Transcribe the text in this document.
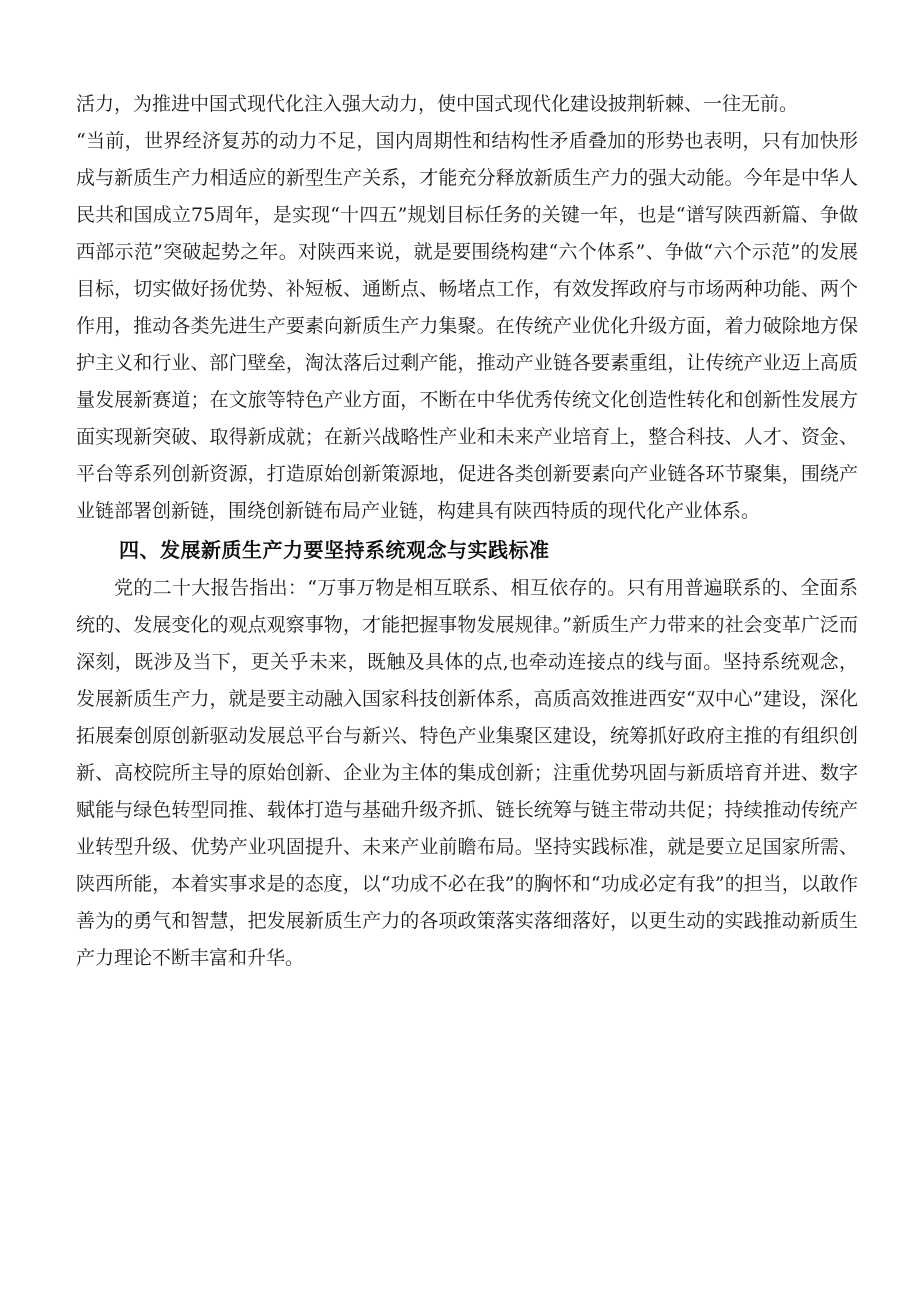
活力，为推进中国式现代化注入强大动力，使中国式现代化建设披荆斩棘、一往无前。

“当前，世界经济复苏的动力不足，国内周期性和结构性矛盾叠加的形势也表明，只有加快形成与新质生产力相适应的新型生产关系，才能充分释放新质生产力的强大动能。今年是中华人民共和国成立75周年，是实现“十四五”规划目标任务的关键一年，也是“谱写陕西新篇、争做西部示范”突破起势之年。对陕西来说，就是要围绕构建“六个体系”、争做“六个示范”的发展目标，切实做好扬优势、补短板、通断点、畅堵点工作，有效发挥政府与市场两种功能、两个作用，推动各类先进生产要素向新质生产力集聚。在传统产业优化升级方面，着力破除地方保护主义和行业、部门壁垒，淘汰落后过剩产能，推动产业链各要素重组，让传统产业迈上高质量发展新赛道；在文旅等特色产业方面，不断在中华优秀传统文化创造性转化和创新性发展方面实现新突破、取得新成就；在新兴战略性产业和未来产业培育上，整合科技、人才、资金、平台等系列创新资源，打造原始创新策源地，促进各类创新要素向产业链各环节聚集，围绕产业链部署创新链，围绕创新链布局产业链，构建具有陕西特质的现代化产业体系。

四、发展新质生产力要坚持系统观念与实践标准

党的二十大报告指出：“万事万物是相互联系、相互依存的。只有用普遍联系的、全面系统的、发展变化的观点观察事物，才能把握事物发展规律。”新质生产力带来的社会变革广泛而深刻，既涉及当下，更关乎未来，既触及具体的点,也牵动连接点的线与面。坚持系统观念，发展新质生产力，就是要主动融入国家科技创新体系，高质高效推进西安“双中心”建设，深化拓展秦创原创新驱动发展总平台与新兴、特色产业集聚区建设，统筹抓好政府主推的有组织创新、高校院所主导的原始创新、企业为主体的集成创新；注重优势巩固与新质培育并进、数字赋能与绿色转型同推、载体打造与基础升级齐抓、链长统筹与链主带动共促；持续推动传统产业转型升级、优势产业巩固提升、未来产业前瞻布局。坚持实践标准，就是要立足国家所需、陕西所能，本着实事求是的态度，以“功成不必在我”的胸怀和“功成必定有我”的担当，以敢作善为的勇气和智慧，把发展新质生产力的各项政策落实落细落好，以更生动的实践推动新质生产力理论不断丰富和升华。
